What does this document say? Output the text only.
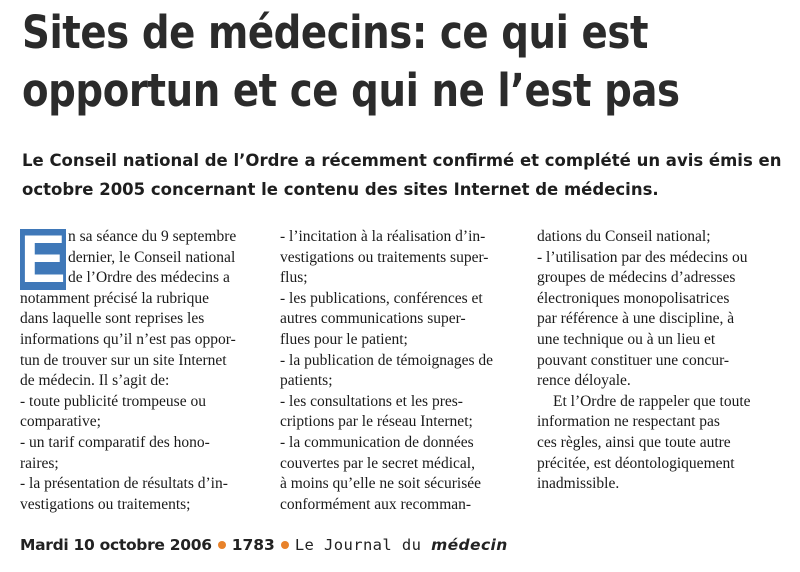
Sites de médecins: ce qui est
opportun et ce qui ne l’est pas

Le Conseil national de l’Ordre a récemment confirmé et complété un avis émis en
octobre 2005 concernant le contenu des sites Internet de médecins.

E n sa séance du 9 septembre
dernier, le Conseil national
de l’Ordre des médecins a
notamment précisé la rubrique
dans laquelle sont reprises les
informations qu’il n’est pas oppor-
tun de trouver sur un site Internet
de médecin. Il s’agit de:
- toute publicité trompeuse ou
comparative;
- un tarif comparatif des hono-
raires;
- la présentation de résultats d’in-
vestigations ou traitements;
- l’incitation à la réalisation d’in-
vestigations ou traitements super-
flus;
- les publications, conférences et
autres communications super-
flues pour le patient;
- la publication de témoignages de
patients;
- les consultations et les pres-
criptions par le réseau Internet;
- la communication de données
couvertes par le secret médical,
à moins qu’elle ne soit sécurisée
conformément aux recomman-
dations du Conseil national;
- l’utilisation par des médecins ou
groupes de médecins d’adresses
électroniques monopolisatrices
par référence à une discipline, à
une technique ou à un lieu et
pouvant constituer une concur-
rence déloyale.
Et l’Ordre de rappeler que toute
information ne respectant pas
ces règles, ainsi que toute autre
précitée, est déontologiquement
inadmissible.
Mardi 10 octobre 2006 1783 Le Journal du médecin
